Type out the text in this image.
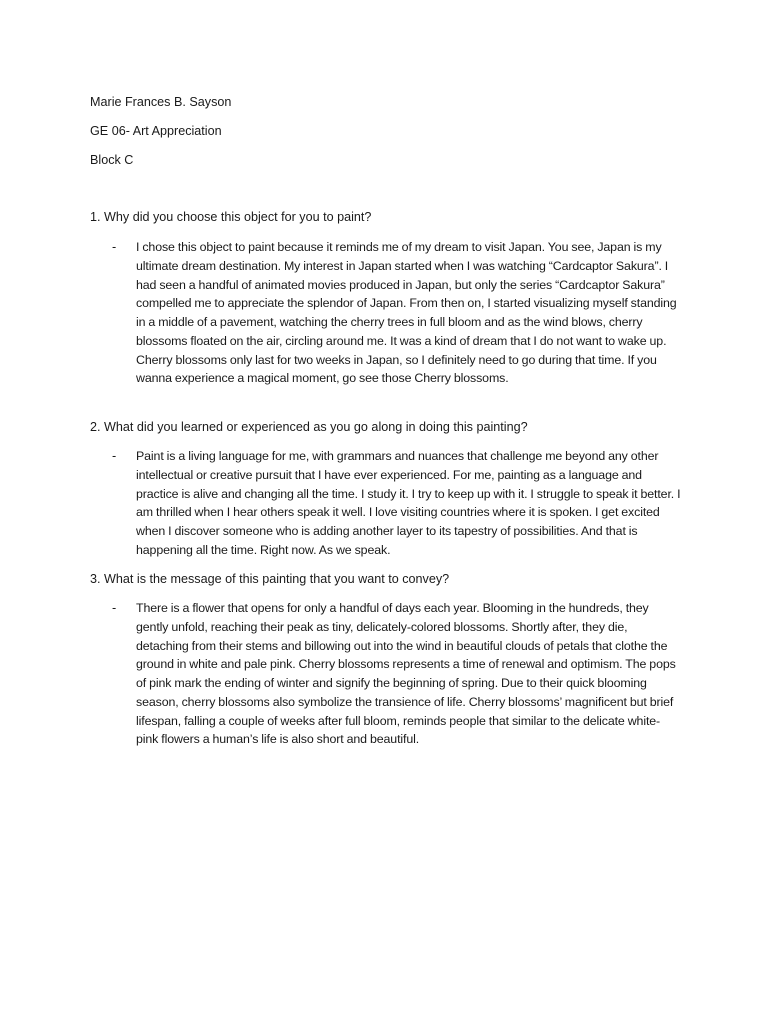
Marie Frances B. Sayson
GE 06- Art Appreciation
Block C
1. Why did you choose this object for you to paint?
- I chose this object to paint because it reminds me of my dream to visit Japan. You see, Japan is my ultimate dream destination. My interest in Japan started when I was watching “Cardcaptor Sakura”. I had seen a handful of animated movies produced in Japan, but only the series “Cardcaptor Sakura” compelled me to appreciate the splendor of Japan. From then on, I started visualizing myself standing in a middle of a pavement, watching the cherry trees in full bloom and as the wind blows, cherry blossoms floated on the air, circling around me. It was a kind of dream that I do not want to wake up. Cherry blossoms only last for two weeks in Japan, so I definitely need to go during that time. If you wanna experience a magical moment, go see those Cherry blossoms.
2. What did you learned or experienced as you go along in doing this painting?
- Paint is a living language for me, with grammars and nuances that challenge me beyond any other intellectual or creative pursuit that I have ever experienced. For me, painting as a language and practice is alive and changing all the time. I study it. I try to keep up with it. I struggle to speak it better. I am thrilled when I hear others speak it well. I love visiting countries where it is spoken. I get excited when I discover someone who is adding another layer to its tapestry of possibilities. And that is happening all the time. Right now. As we speak.
3. What is the message of this painting that you want to convey?
- There is a flower that opens for only a handful of days each year. Blooming in the hundreds, they gently unfold, reaching their peak as tiny, delicately-colored blossoms. Shortly after, they die, detaching from their stems and billowing out into the wind in beautiful clouds of petals that clothe the ground in white and pale pink. Cherry blossoms represents a time of renewal and optimism. The pops of pink mark the ending of winter and signify the beginning of spring. Due to their quick blooming season, cherry blossoms also symbolize the transience of life. Cherry blossoms’ magnificent but brief lifespan, falling a couple of weeks after full bloom, reminds people that similar to the delicate white-pink flowers a human’s life is also short and beautiful.
